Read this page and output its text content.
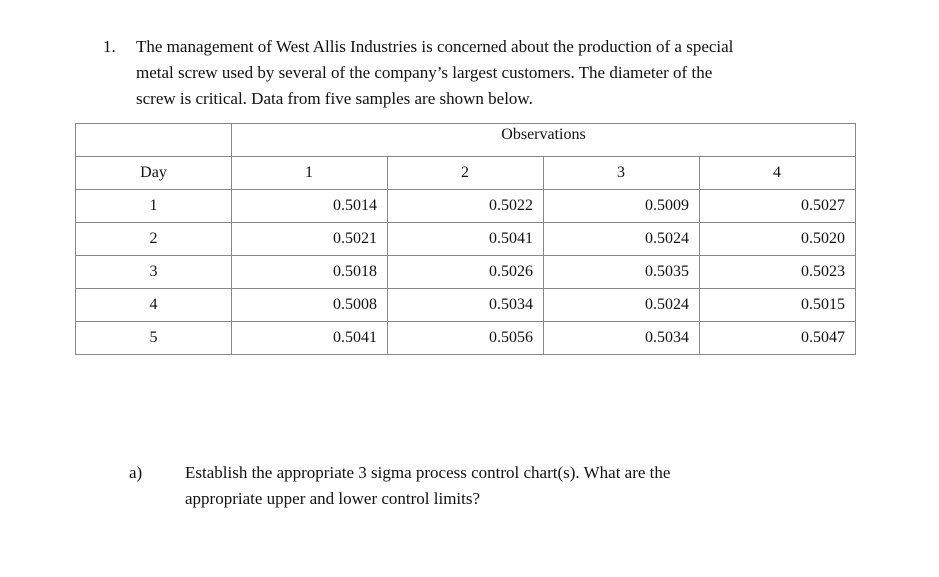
1. The management of West Allis Industries is concerned about the production of a special
metal screw used by several of the company’s largest customers. The diameter of the
screw is critical. Data from five samples are shown below.
	Observations			
Day	1	2	3	4
1	0.5014	0.5022	0.5009	0.5027
2	0.5021	0.5041	0.5024	0.5020
3	0.5018	0.5026	0.5035	0.5023
4	0.5008	0.5034	0.5024	0.5015
5	0.5041	0.5056	0.5034	0.5047
a)	Establish the appropriate 3 sigma process control chart(s). What are the
appropriate upper and lower control limits?
